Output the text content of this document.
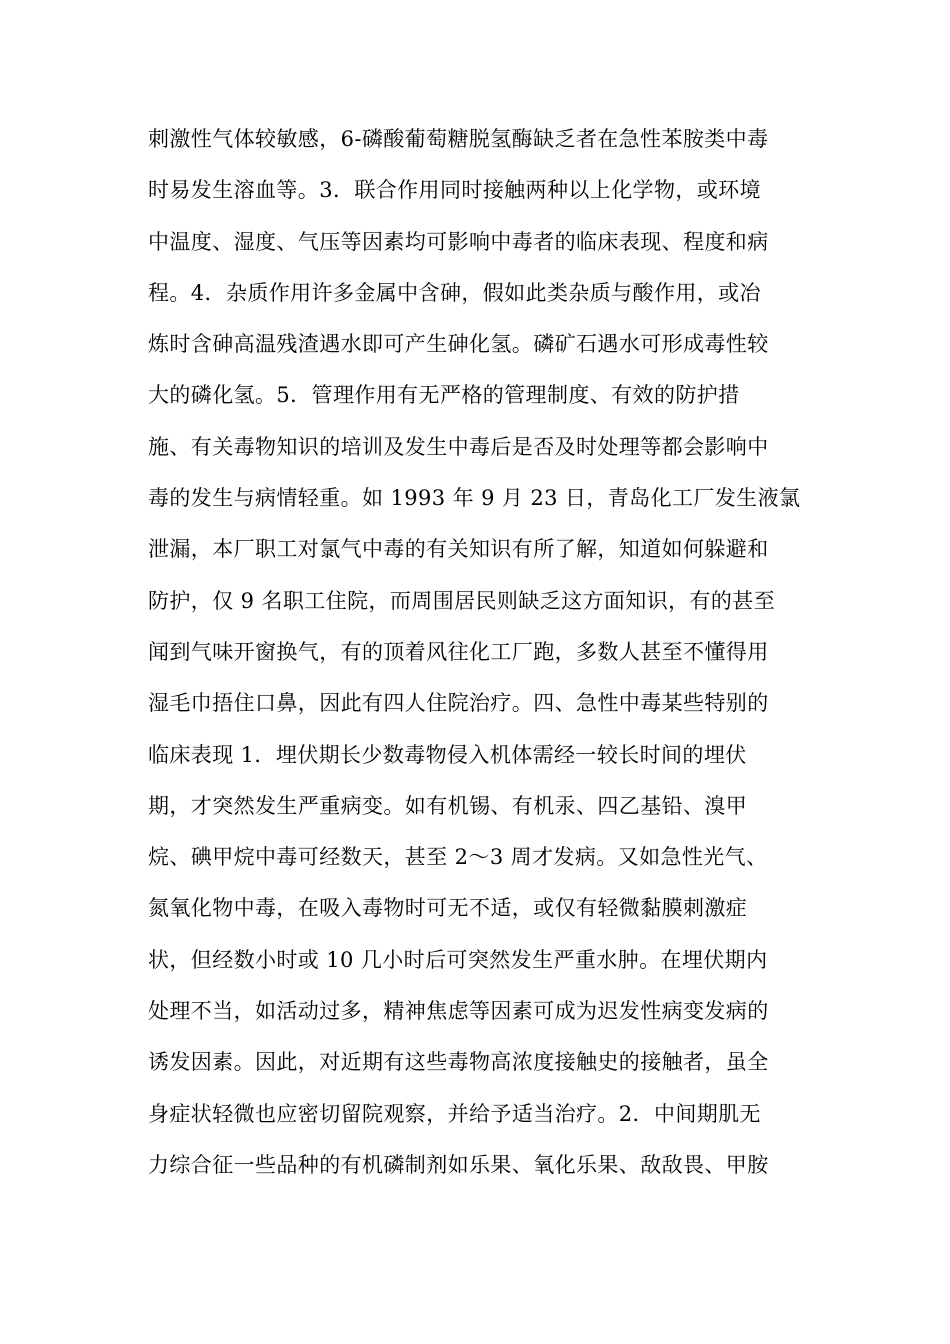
刺激性气体较敏感，6-磷酸葡萄糖脱氢酶缺乏者在急性苯胺类中毒
时易发生溶血等。3．联合作用同时接触两种以上化学物，或环境
中温度、湿度、气压等因素均可影响中毒者的临床表现、程度和病
程。4．杂质作用许多金属中含砷，假如此类杂质与酸作用，或冶
炼时含砷高温残渣遇水即可产生砷化氢。磷矿石遇水可形成毒性较
大的磷化氢。5．管理作用有无严格的管理制度、有效的防护措
施、有关毒物知识的培训及发生中毒后是否及时处理等都会影响中
毒的发生与病情轻重。如 1993 年 9 月 23 日，青岛化工厂发生液氯
泄漏，本厂职工对氯气中毒的有关知识有所了解，知道如何躲避和
防护，仅 9 名职工住院，而周围居民则缺乏这方面知识，有的甚至
闻到气味开窗换气，有的顶着风往化工厂跑，多数人甚至不懂得用
湿毛巾捂住口鼻，因此有四人住院治疗。四、急性中毒某些特别的
临床表现 1．埋伏期长少数毒物侵入机体需经一较长时间的埋伏
期，才突然发生严重病变。如有机锡、有机汞、四乙基铅、溴甲
烷、碘甲烷中毒可经数天，甚至 2～3 周才发病。又如急性光气、
氮氧化物中毒，在吸入毒物时可无不适，或仅有轻微黏膜刺激症
状，但经数小时或 10 几小时后可突然发生严重水肿。在埋伏期内
处理不当，如活动过多，精神焦虑等因素可成为迟发性病变发病的
诱发因素。因此，对近期有这些毒物高浓度接触史的接触者，虽全
身症状轻微也应密切留院观察，并给予适当治疗。2．中间期肌无
力综合征一些品种的有机磷制剂如乐果、氧化乐果、敌敌畏、甲胺
